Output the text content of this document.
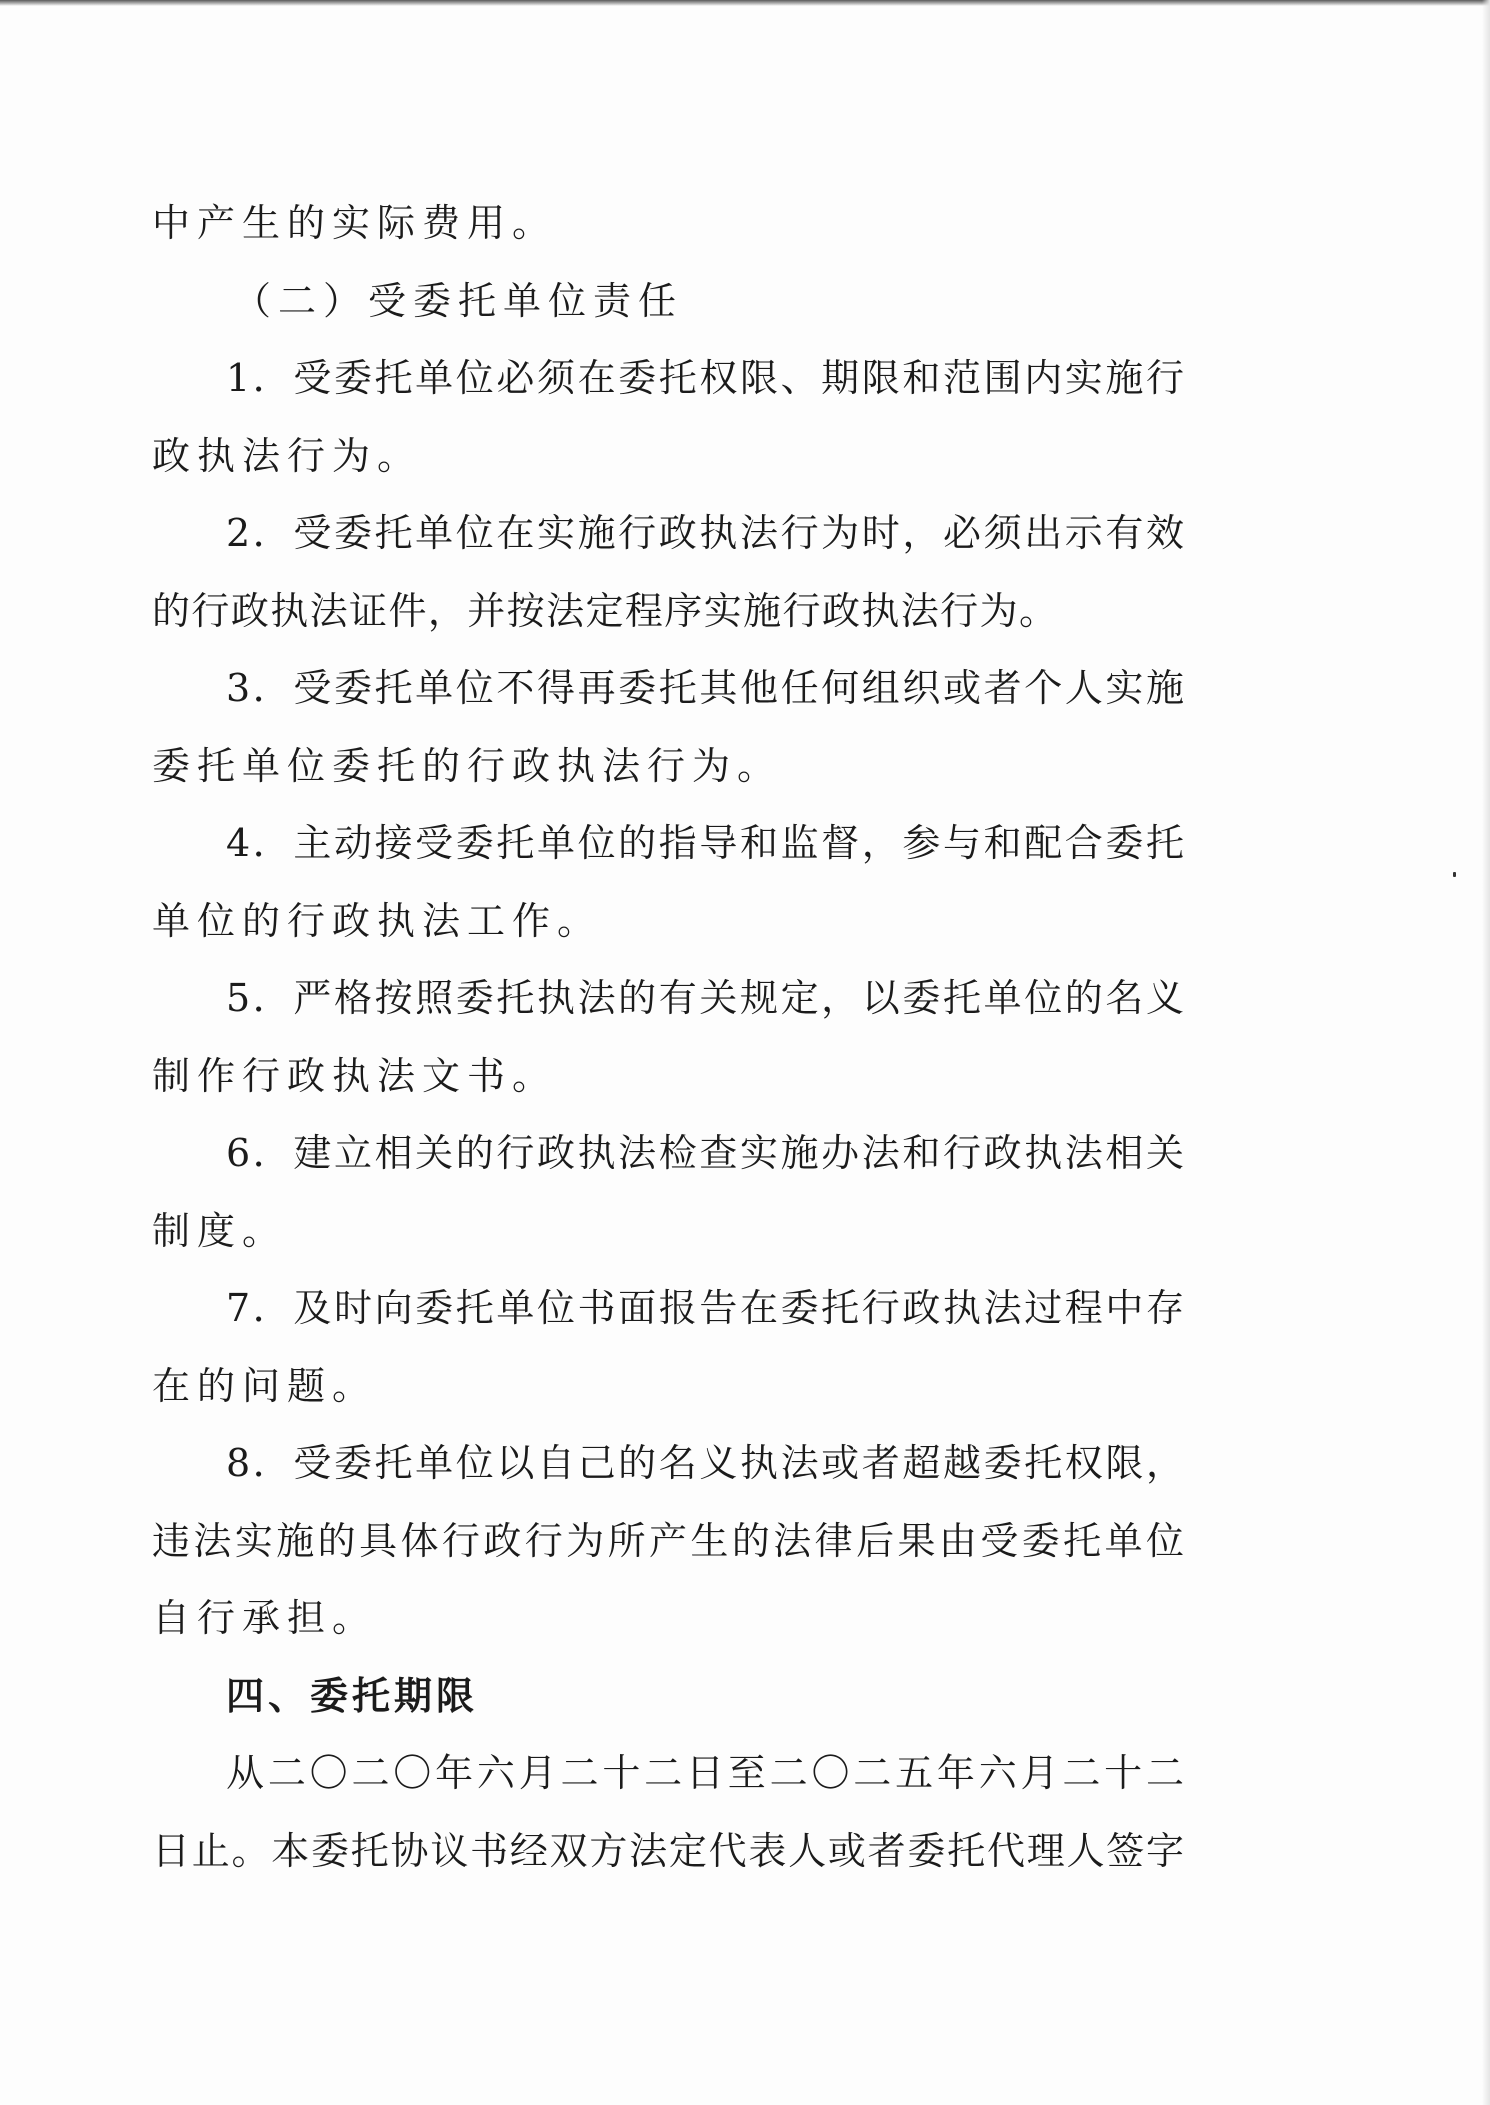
中产生的实际费用。

（二）受委托单位责任

1．受委托单位必须在委托权限、期限和范围内实施行

政执法行为。

2．受委托单位在实施行政执法行为时，必须出示有效

的行政执法证件，并按法定程序实施行政执法行为。

3．受委托单位不得再委托其他任何组织或者个人实施

委托单位委托的行政执法行为。

4．主动接受委托单位的指导和监督，参与和配合委托

单位的行政执法工作。

5．严格按照委托执法的有关规定，以委托单位的名义

制作行政执法文书。

6．建立相关的行政执法检查实施办法和行政执法相关

制度。

7．及时向委托单位书面报告在委托行政执法过程中存

在的问题。

8．受委托单位以自己的名义执法或者超越委托权限，

违法实施的具体行政行为所产生的法律后果由受委托单位

自行承担。

四、委托期限

从二〇二〇年六月二十二日至二〇二五年六月二十二

日止。本委托协议书经双方法定代表人或者委托代理人签字
